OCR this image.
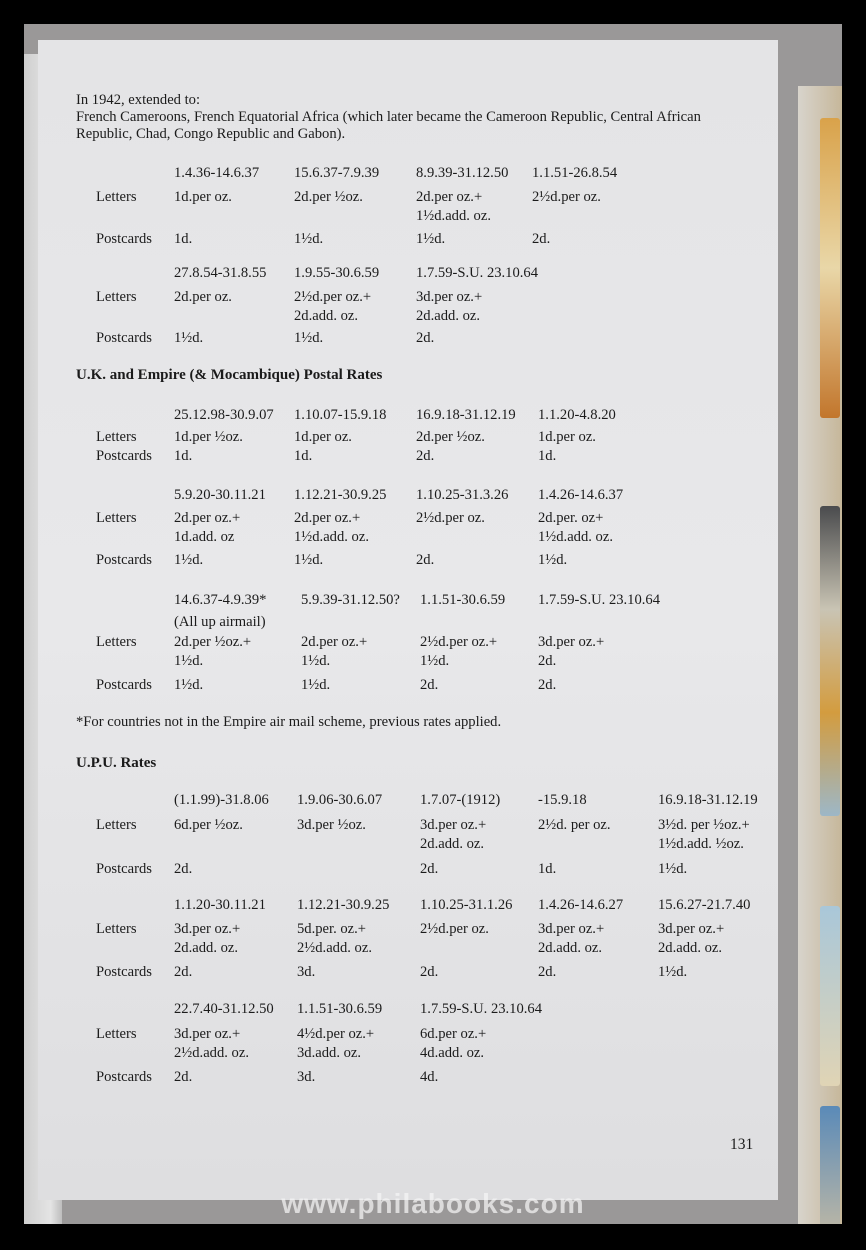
In 1942, extended to:
French Cameroons, French Equatorial Africa (which later became the Cameroon Republic, Central African Republic, Chad, Congo Republic and Gabon).
U.K. and Empire (& Mocambique) Postal Rates
*For countries not in the Empire air mail scheme, previous rates applied.
U.P.U. Rates
131
Letters
Postcards
1.4.36-14.6.37
1d.per oz.
1d.
15.6.37-7.9.39
2d.per ½oz.
1½d.
8.9.39-31.12.50
2d.per oz.+
1½d.add. oz.
1½d.
1.1.51-26.8.54
2½d.per oz.
2d.
Letters
Postcards
27.8.54-31.8.55
2d.per oz.
1½d.
1.9.55-30.6.59
2½d.per oz.+
2d.add. oz.
1½d.
1.7.59-S.U. 23.10.64
3d.per oz.+
2d.add. oz.
2d.
Letters
Postcards
25.12.98-30.9.07
1d.per ½oz.
1d.
1.10.07-15.9.18
1d.per oz.
1d.
16.9.18-31.12.19
2d.per ½oz.
2d.
1.1.20-4.8.20
1d.per oz.
1d.
Letters
Postcards
5.9.20-30.11.21
2d.per oz.+
1d.add. oz
1½d.
1.12.21-30.9.25
2d.per oz.+
1½d.add. oz.
1½d.
1.10.25-31.3.26
2½d.per oz.
2d.
1.4.26-14.6.37
2d.per. oz+
1½d.add. oz.
1½d.
Letters
Postcards
14.6.37-4.9.39*
2d.per ½oz.+
1½d.
1½d.
5.9.39-31.12.50?
2d.per oz.+
1½d.
1½d.
1.1.51-30.6.59
2½d.per oz.+
1½d.
2d.
1.7.59-S.U. 23.10.64
3d.per oz.+
2d.
2d.
(All up airmail)
Letters
Postcards
(1.1.99)-31.8.06
6d.per ½oz.
2d.
1.9.06-30.6.07
3d.per ½oz.
1.7.07-(1912)
3d.per oz.+
2d.add. oz.
2d.
-15.9.18
2½d. per oz.
1d.
16.9.18-31.12.19
3½d. per ½oz.+
1½d.add. ½oz.
1½d.
Letters
Postcards
1.1.20-30.11.21
3d.per oz.+
2d.add. oz.
2d.
1.12.21-30.9.25
5d.per. oz.+
2½d.add. oz.
3d.
1.10.25-31.1.26
2½d.per oz.
2d.
1.4.26-14.6.27
3d.per oz.+
2d.add. oz.
2d.
15.6.27-21.7.40
3d.per oz.+
2d.add. oz.
1½d.
Letters
Postcards
22.7.40-31.12.50
3d.per oz.+
2½d.add. oz.
2d.
1.1.51-30.6.59
4½d.per oz.+
3d.add. oz.
3d.
1.7.59-S.U. 23.10.64
6d.per oz.+
4d.add. oz.
4d.
www.philabooks.com
